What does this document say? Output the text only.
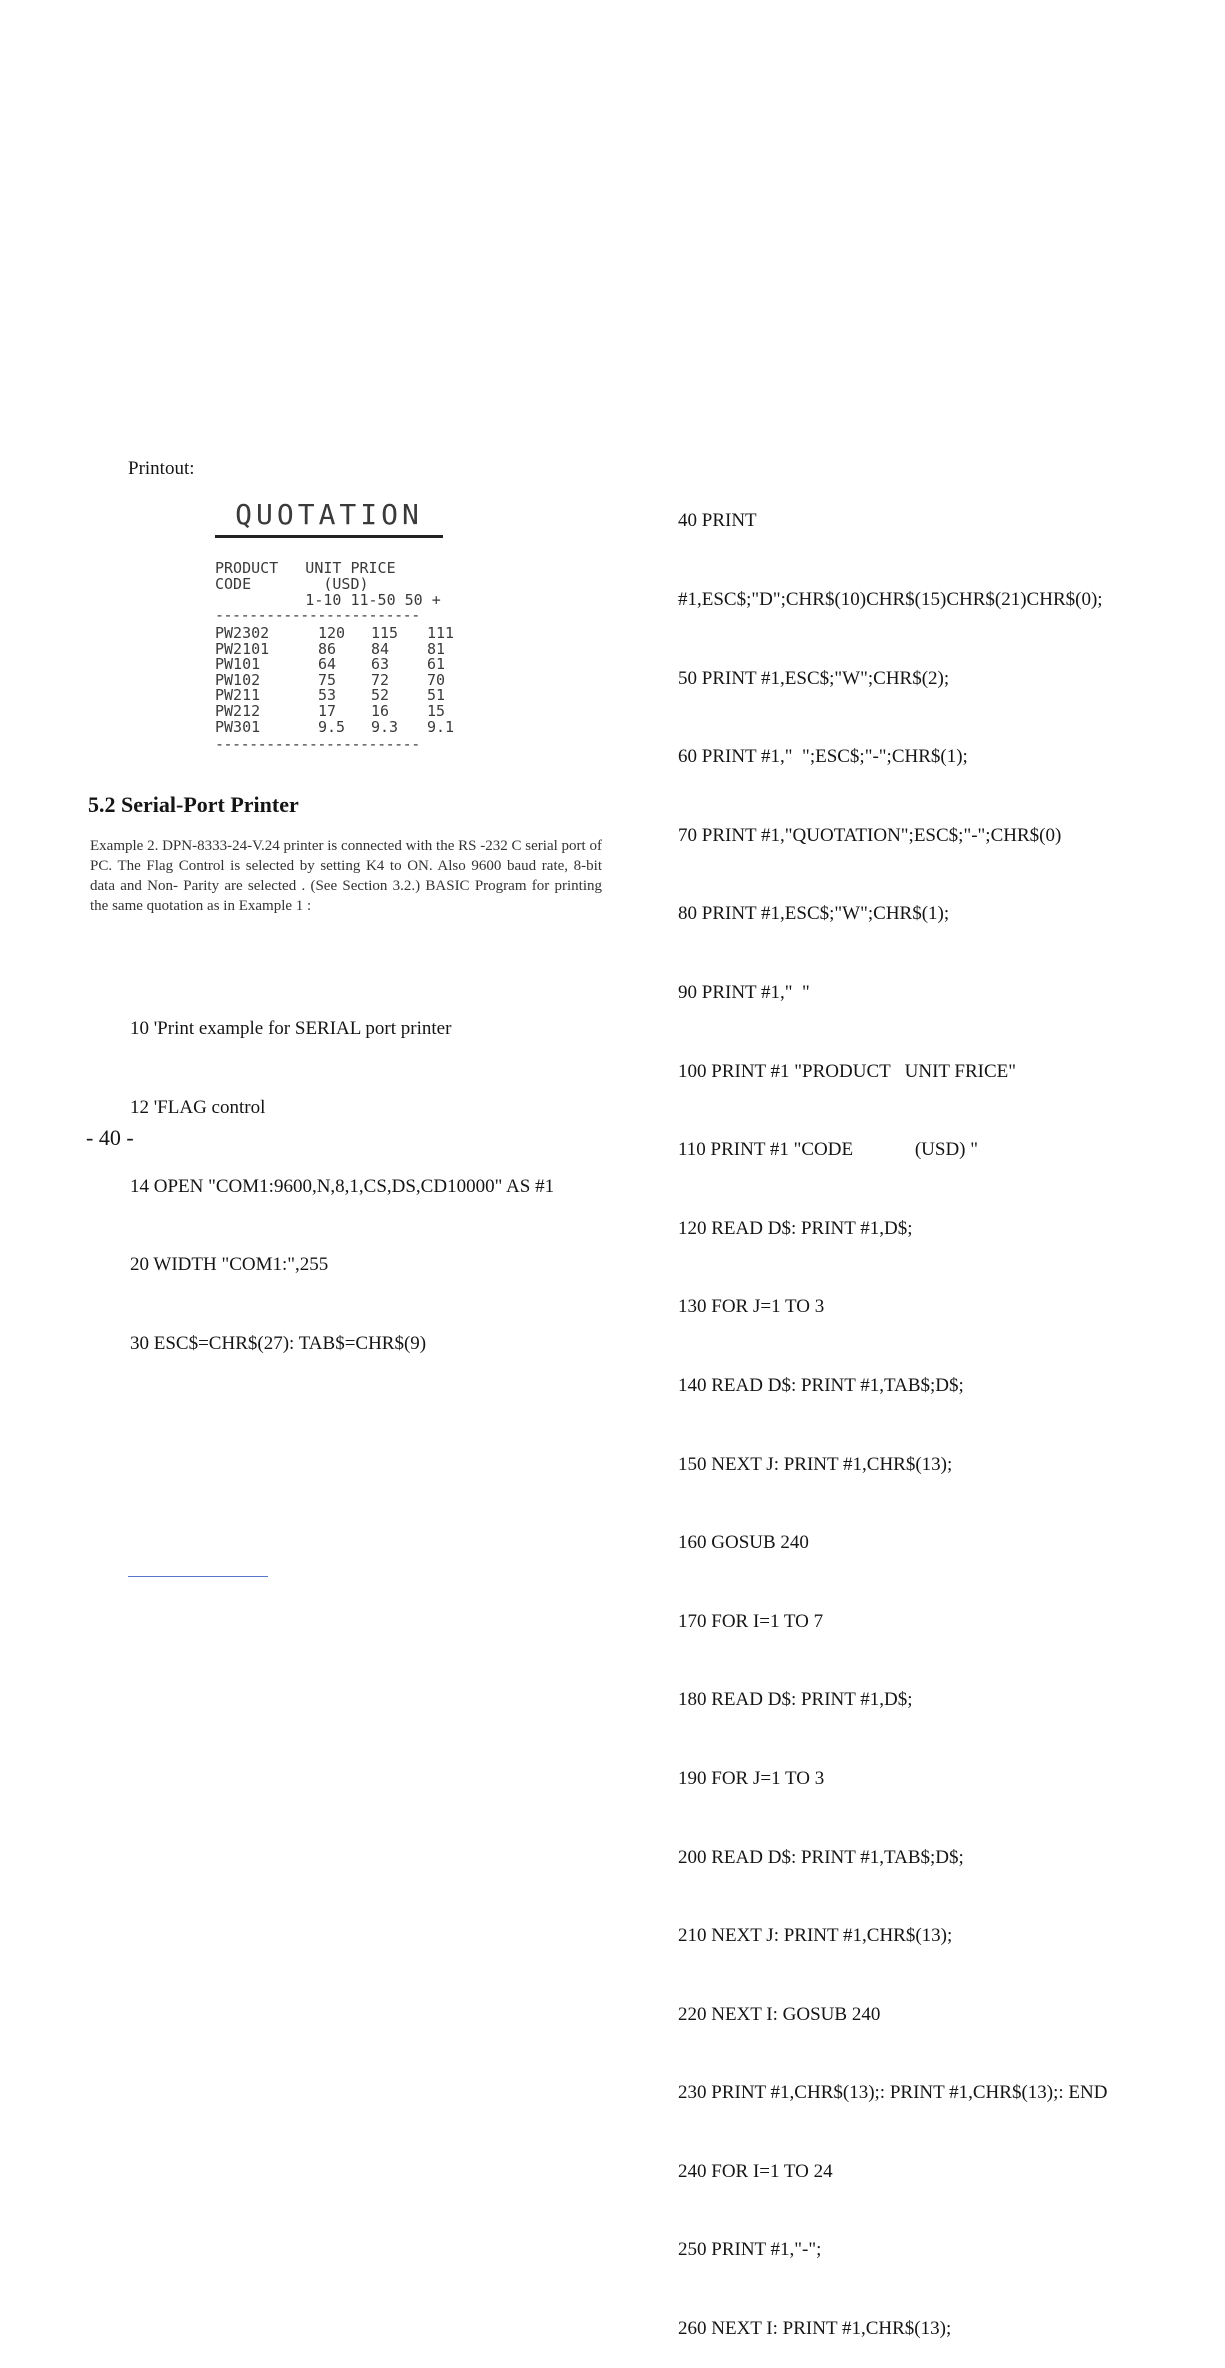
Printout:
QUOTATION
PRODUCT   UNIT PRICE
CODE        (USD)
1-10 11-50 50 +
------------------------
PW2302	120	115	111
PW2101	86	84	81
PW101	64	63	61
PW102	75	72	70
PW211	53	52	51
PW212	17	16	15
PW301	9.5	9.3	9.1
------------------------
5.2 Serial-Port Printer
Example 2. DPN-8333-24-V.24 printer is connected with the RS -232 C serial port of PC. The Flag Control is selected by setting K4 to ON. Also 9600 baud rate, 8-bit data and Non- Parity are selected . (See Section 3.2.) BASIC Program for printing the same quotation as in Example 1 :

10 'Print example for SERIAL port printer

12 'FLAG control

14 OPEN "COM1:9600,N,8,1,CS,DS,CD10000" AS #1

20 WIDTH "COM1:",255

30 ESC$=CHR$(27): TAB$=CHR$(9)

40 PRINT

#1,ESC$;"D";CHR$(10)CHR$(15)CHR$(21)CHR$(0);

50 PRINT #1,ESC$;"W";CHR$(2);

60 PRINT #1,"  ";ESC$;"-";CHR$(1);

70 PRINT #1,"QUOTATION";ESC$;"-";CHR$(0)

80 PRINT #1,ESC$;"W";CHR$(1);

90 PRINT #1,"  "

100 PRINT #1 "PRODUCT   UNIT FRICE"

110 PRINT #1 "CODE             (USD) "

120 READ D$: PRINT #1,D$;

130 FOR J=1 TO 3

140 READ D$: PRINT #1,TAB$;D$;

150 NEXT J: PRINT #1,CHR$(13);

160 GOSUB 240

170 FOR I=1 TO 7

180 READ D$: PRINT #1,D$;

190 FOR J=1 TO 3

200 READ D$: PRINT #1,TAB$;D$;

210 NEXT J: PRINT #1,CHR$(13);

220 NEXT I: GOSUB 240

230 PRINT #1,CHR$(13);: PRINT #1,CHR$(13);: END

240 FOR I=1 TO 24

250 PRINT #1,"-";

260 NEXT I: PRINT #1,CHR$(13);

- 40 -
